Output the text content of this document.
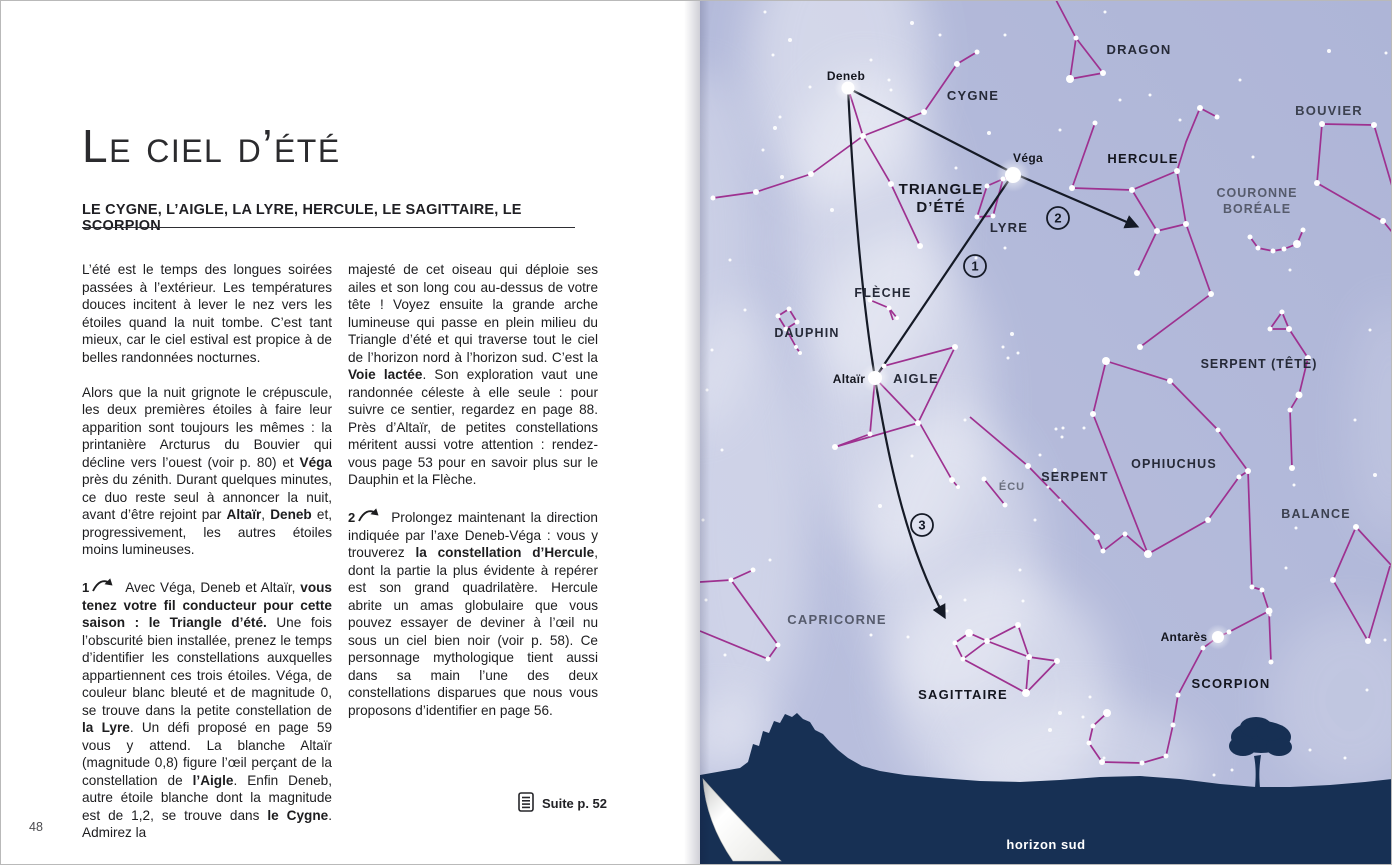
Le ciel d’été
LE CYGNE, L’AIGLE, LA LYRE, HERCULE, LE SAGITTAIRE, LE SCORPION

L’été est le temps des longues soirées passées à l’extérieur. Les températures douces incitent à lever le nez vers les étoiles quand la nuit tombe. C’est tant mieux, car le ciel estival est propice à de belles randonnées nocturnes.

Alors que la nuit grignote le crépuscule, les deux premières étoiles à faire leur apparition sont toujours les mêmes : la printanière Arcturus du Bouvier qui décline vers l’ouest (voir p. 80) et Véga près du zénith. Durant quelques minutes, ce duo reste seul à annoncer la nuit, avant d’être rejoint par Altaïr, Deneb et, progressivement, les autres étoiles moins lumineuses.

1	Avec Véga, Deneb et Altaïr, vous tenez votre fil conducteur pour cette saison : le Triangle d’été. Une fois l’obscurité bien installée, prenez le temps d’identifier les constellations auxquelles appartiennent ces trois étoiles. Véga, de couleur blanc bleuté et de magnitude 0, se trouve dans la petite constellation de la Lyre. Un défi proposé en page 59 vous y attend. La blanche Altaïr (magnitude 0,8) figure l’œil perçant de la constellation de l’Aigle. Enfin Deneb, autre étoile blanche dont la magnitude est de 1,2, se trouve dans le Cygne. Admirez la

majesté de cet oiseau qui déploie ses ailes et son long cou au-dessus de votre tête ! Voyez ensuite la grande arche lumineuse qui passe en plein milieu du Triangle d’été et qui traverse tout le ciel de l’horizon nord à l’horizon sud. C’est la Voie lactée. Son exploration vaut une randonnée céleste à elle seule : pour suivre ce sentier, regardez en page 88. Près d’Altaïr, de petites constellations méritent aussi votre attention : rendez-vous page 53 pour en savoir plus sur le Dauphin et la Flèche.

2	Prolongez maintenant la direction indiquée par l’axe Deneb-Véga : vous y trouverez la constellation d’Hercule, dont la partie la plus évidente à repérer est son grand quadrilatère. Hercule abrite un amas globulaire que vous pouvez essayer de deviner à l’œil nu sous un ciel bien noir (voir p. 58). Ce personnage mythologique tient aussi dans sa main l’une des deux constellations disparues que nous vous proposons d’identifier en page 56.

Suite p. 52
48
Deneb
CYGNE
Véga
TRIANGLE D’ÉTÉ
LYRE
DRAGON
HERCULE
BOUVIER
COURONNE BORÉALE
FLÈCHE
DAUPHIN
Altaïr AIGLE
SERPENT (TÊTE)
OPHIUCHUS
SERPENT
ÉCU
BALANCE
CAPRICORNE
SAGITTAIRE
Antarès
SCORPION
1
2
3
horizon sud
